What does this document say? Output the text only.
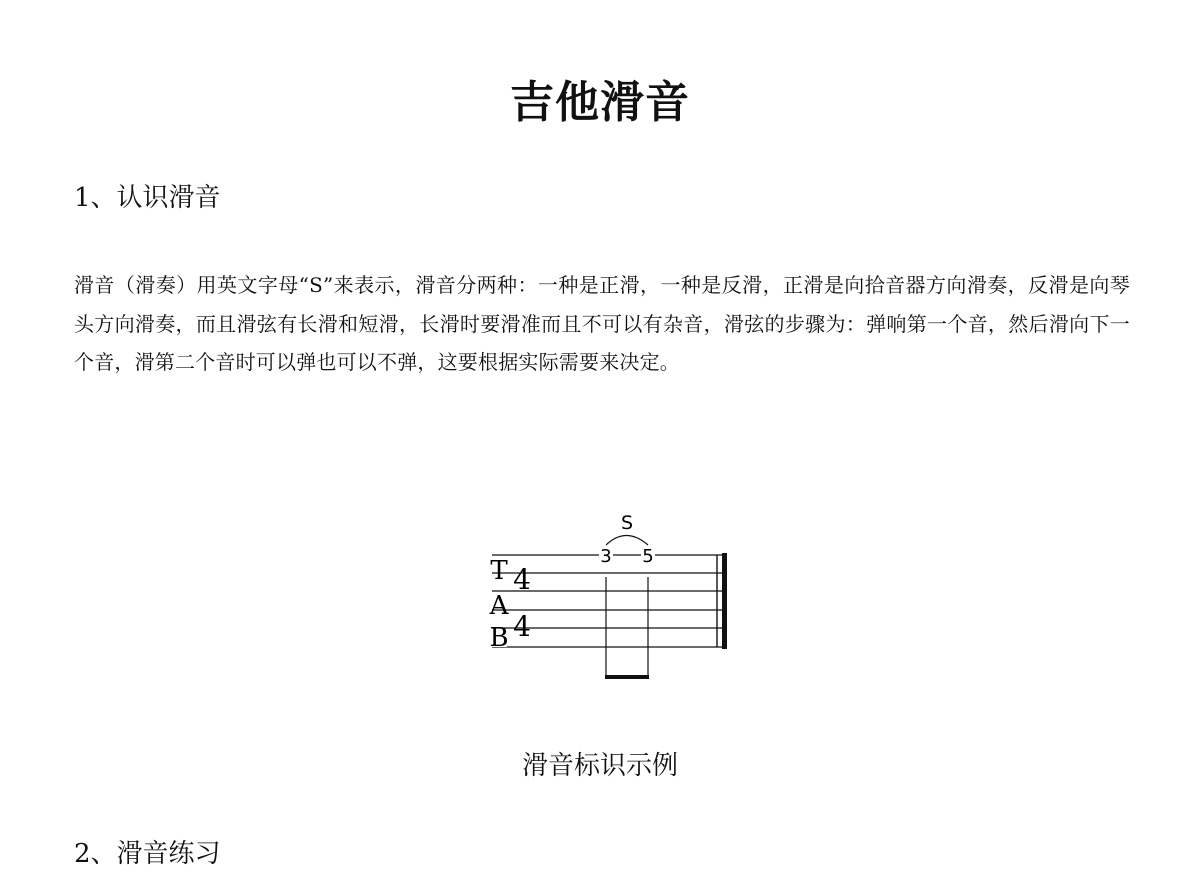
吉他滑音
1、认识滑音

滑音（滑奏）用英文字母“S”来表示，滑音分两种：一种是正滑，一种是反滑，正滑是向拾音器方向滑奏，反滑是向琴头方向滑奏，而且滑弦有长滑和短滑，长滑时要滑准而且不可以有杂音，滑弦的步骤为：弹响第一个音，然后滑向下一个音，滑第二个音时可以弹也可以不弹，这要根据实际需要来决定。

T
A
B
4
4
S
3 5
滑音标识示例
2、滑音练习
